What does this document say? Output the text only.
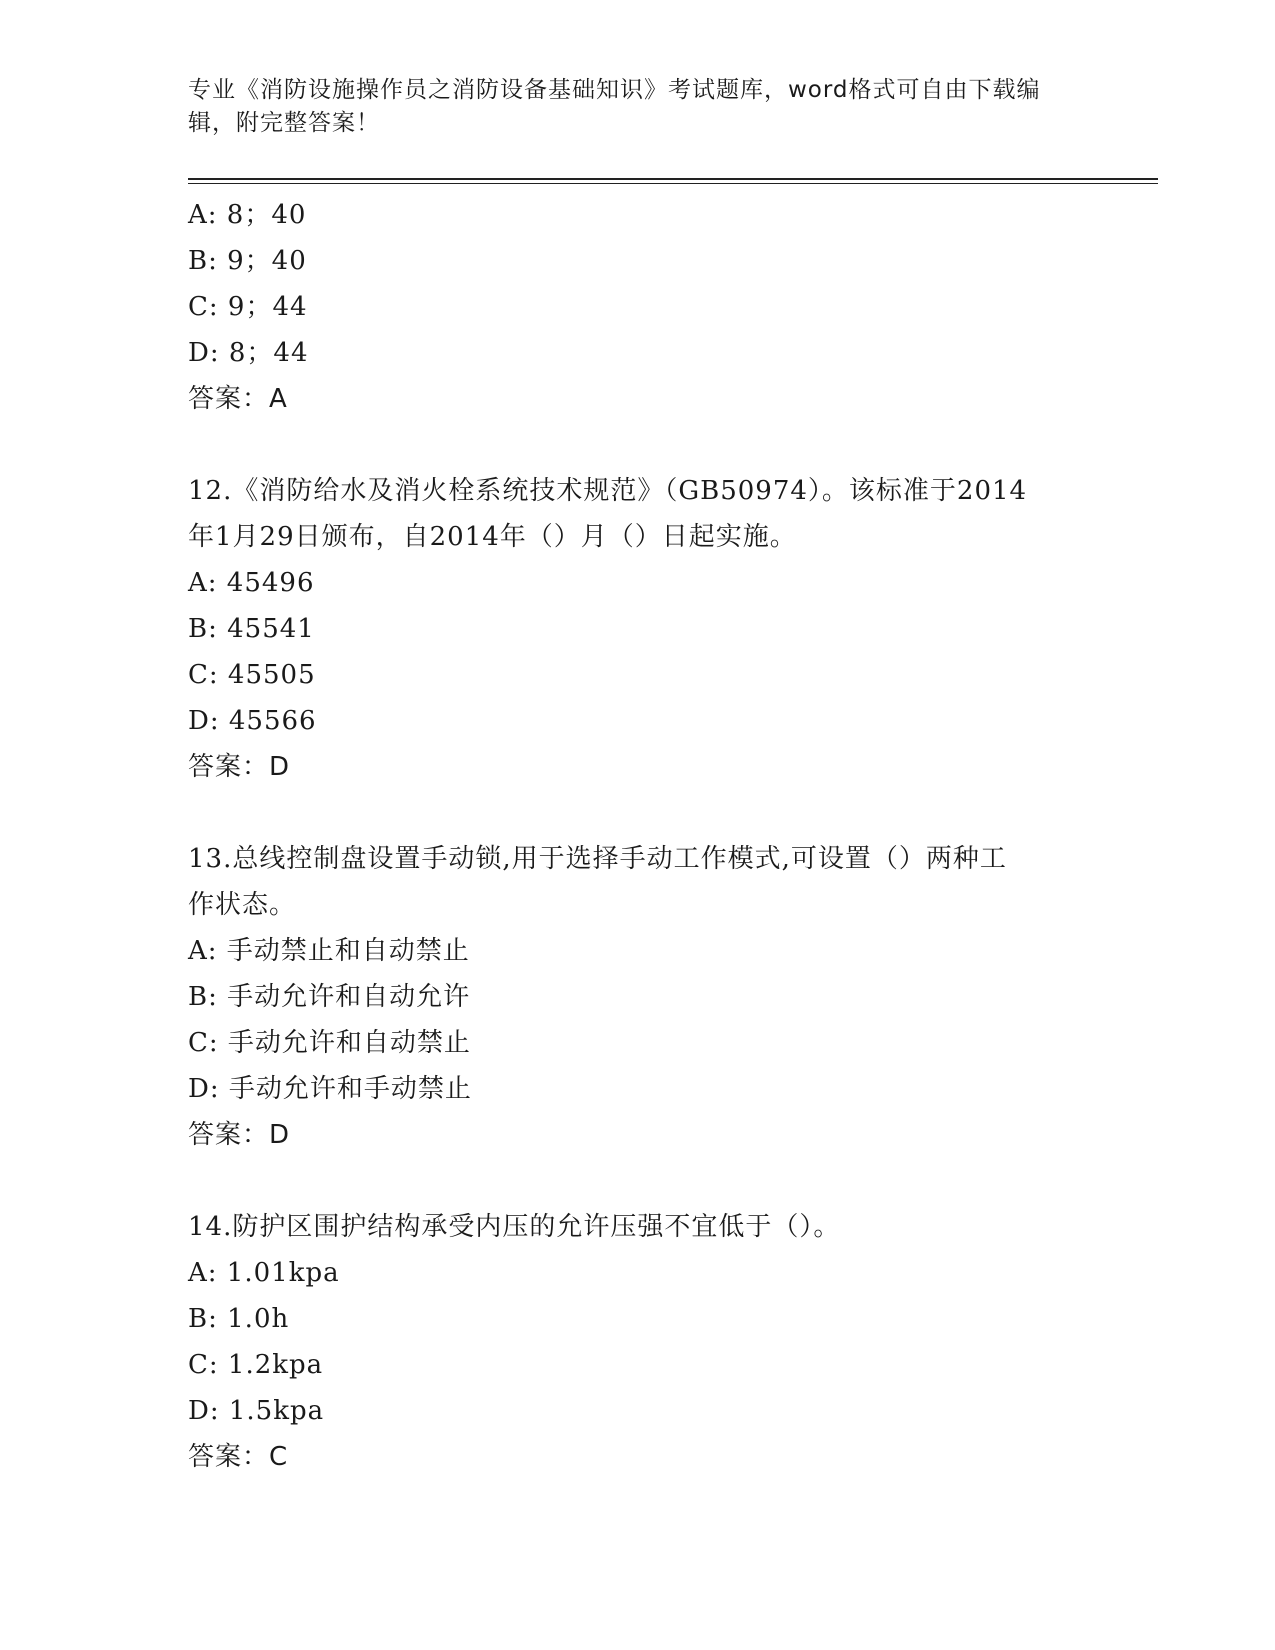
专业《消防设施操作员之消防设备基础知识》考试题库，word格式可自由下载编
辑，附完整答案！
A: 8；40
B: 9；40
C: 9；44
D: 8；44
答案：A
12.《消防给水及消火栓系统技术规范》（GB50974）。该标准于2014
年1月29日颁布，自2014年（）月（）日起实施。
A: 45496
B: 45541
C: 45505
D: 45566
答案：D
13.总线控制盘设置手动锁,用于选择手动工作模式,可设置（）两种工
作状态。
A: 手动禁止和自动禁止
B: 手动允许和自动允许
C: 手动允许和自动禁止
D: 手动允许和手动禁止
答案：D
14.防护区围护结构承受内压的允许压强不宜低于（）。
A: 1.01kpa
B: 1.0h
C: 1.2kpa
D: 1.5kpa
答案：C
